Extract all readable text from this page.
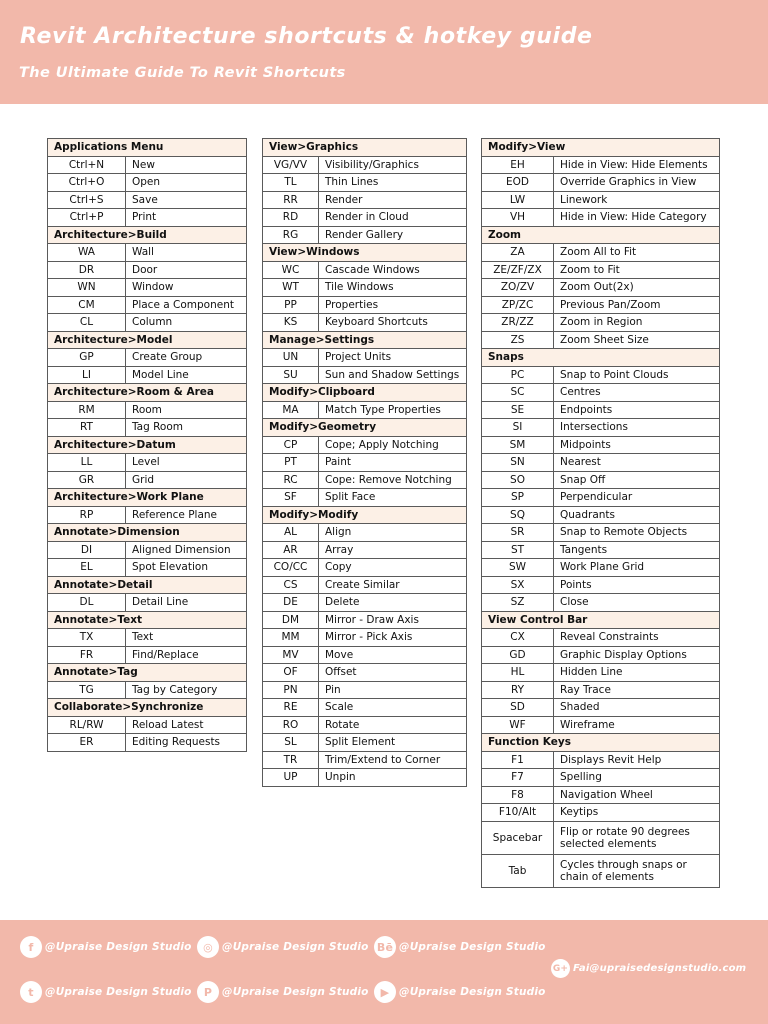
Revit Architecture shortcuts & hotkey guide
The Ultimate Guide To Revit Shortcuts
Applications Menu	
Ctrl+N	New
Ctrl+O	Open
Ctrl+S	Save
Ctrl+P	Print
Architecture>Build	
WA	Wall
DR	Door
WN	Window
CM	Place a Component
CL	Column
Architecture>Model	
GP	Create Group
LI	Model Line
Architecture>Room & Area	
RM	Room
RT	Tag Room
Architecture>Datum	
LL	Level
GR	Grid
Architecture>Work Plane	
RP	Reference Plane
Annotate>Dimension	
DI	Aligned Dimension
EL	Spot Elevation
Annotate>Detail	
DL	Detail Line
Annotate>Text	
TX	Text
FR	Find/Replace
Annotate>Tag	
TG	Tag by Category
Collaborate>Synchronize	
RL/RW	Reload Latest
ER	Editing Requests
View>Graphics	
VG/VV	Visibility/Graphics
TL	Thin Lines
RR	Render
RD	Render in Cloud
RG	Render Gallery
View>Windows	
WC	Cascade Windows
WT	Tile Windows
PP	Properties
KS	Keyboard Shortcuts
Manage>Settings	
UN	Project Units
SU	Sun and Shadow Settings
Modify>Clipboard	
MA	Match Type Properties
Modify>Geometry	
CP	Cope; Apply Notching
PT	Paint
RC	Cope: Remove Notching
SF	Split Face
Modify>Modify	
AL	Align
AR	Array
CO/CC	Copy
CS	Create Similar
DE	Delete
DM	Mirror - Draw Axis
MM	Mirror - Pick Axis
MV	Move
OF	Offset
PN	Pin
RE	Scale
RO	Rotate
SL	Split Element
TR	Trim/Extend to Corner
UP	Unpin
Modify>View	
EH	Hide in View: Hide Elements
EOD	Override Graphics in View
LW	Linework
VH	Hide in View: Hide Category
Zoom	
ZA	Zoom All to Fit
ZE/ZF/ZX	Zoom to Fit
ZO/ZV	Zoom Out(2x)
ZP/ZC	Previous Pan/Zoom
ZR/ZZ	Zoom in Region
ZS	Zoom Sheet Size
Snaps	
PC	Snap to Point Clouds
SC	Centres
SE	Endpoints
SI	Intersections
SM	Midpoints
SN	Nearest
SO	Snap Off
SP	Perpendicular
SQ	Quadrants
SR	Snap to Remote Objects
ST	Tangents
SW	Work Plane Grid
SX	Points
SZ	Close
View Control Bar	
CX	Reveal Constraints
GD	Graphic Display Options
HL	Hidden Line
RY	Ray Trace
SD	Shaded
WF	Wireframe
Function Keys	
F1	Displays Revit Help
F7	Spelling
F8	Navigation Wheel
F10/Alt	Keytips
Spacebar	Flip or rotate 90 degrees selected elements
Tab	Cycles through snaps or chain of elements
f	@Upraise Design Studio	◎ @Upraise Design Studio Bē @Upraise Design Studio
t	@Upraise Design Studio	P @Upraise Design Studio	▶ @Upraise Design Studio
G+ Fai@upraisedesignstudio.com
